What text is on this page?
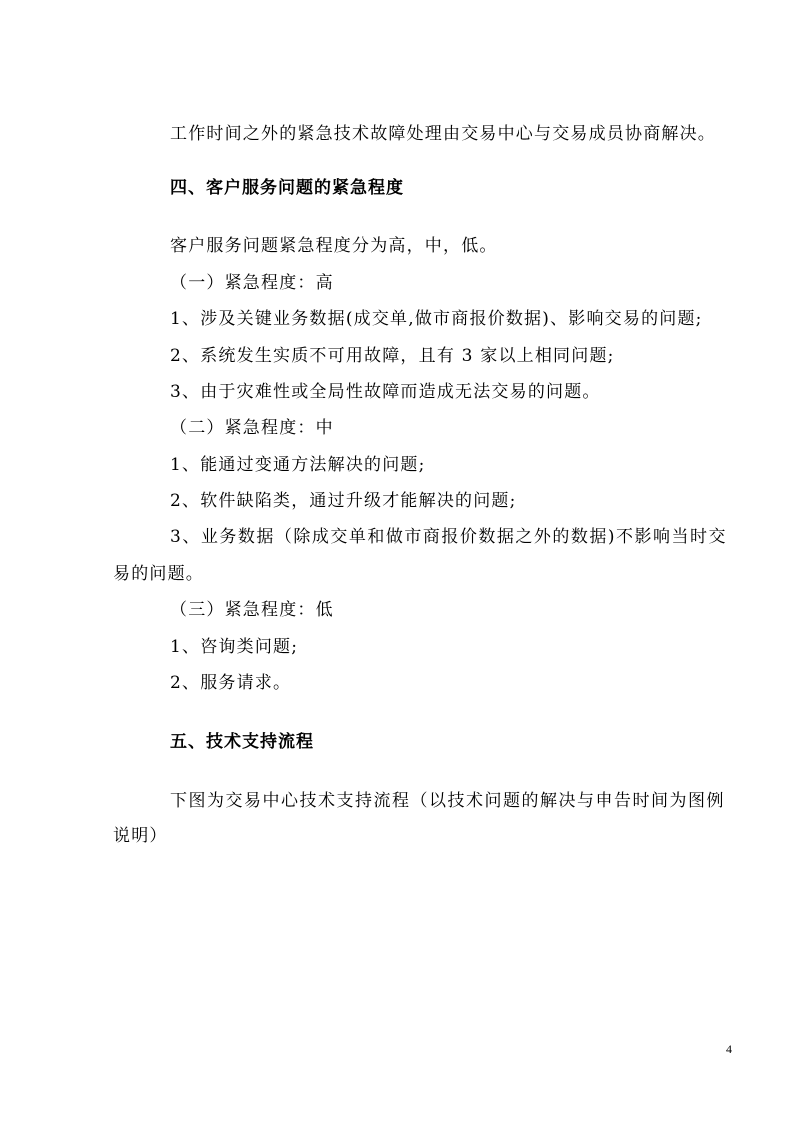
工作时间之外的紧急技术故障处理由交易中心与交易成员协商解决。
四、客户服务问题的紧急程度
客户服务问题紧急程度分为高，中，低。
（一）紧急程度：高
1、涉及关键业务数据(成交单,做市商报价数据)、影响交易的问题;
2、系统发生实质不可用故障，且有 3 家以上相同问题;
3、由于灾难性或全局性故障而造成无法交易的问题。
（二）紧急程度：中
1、能通过变通方法解决的问题;
2、软件缺陷类，通过升级才能解决的问题;
3、业务数据（除成交单和做市商报价数据之外的数据)不影响当时交
易的问题。
（三）紧急程度：低
1、咨询类问题;
2、服务请求。
五、技术支持流程
下图为交易中心技术支持流程（以技术问题的解决与申告时间为图例
说明）
4
